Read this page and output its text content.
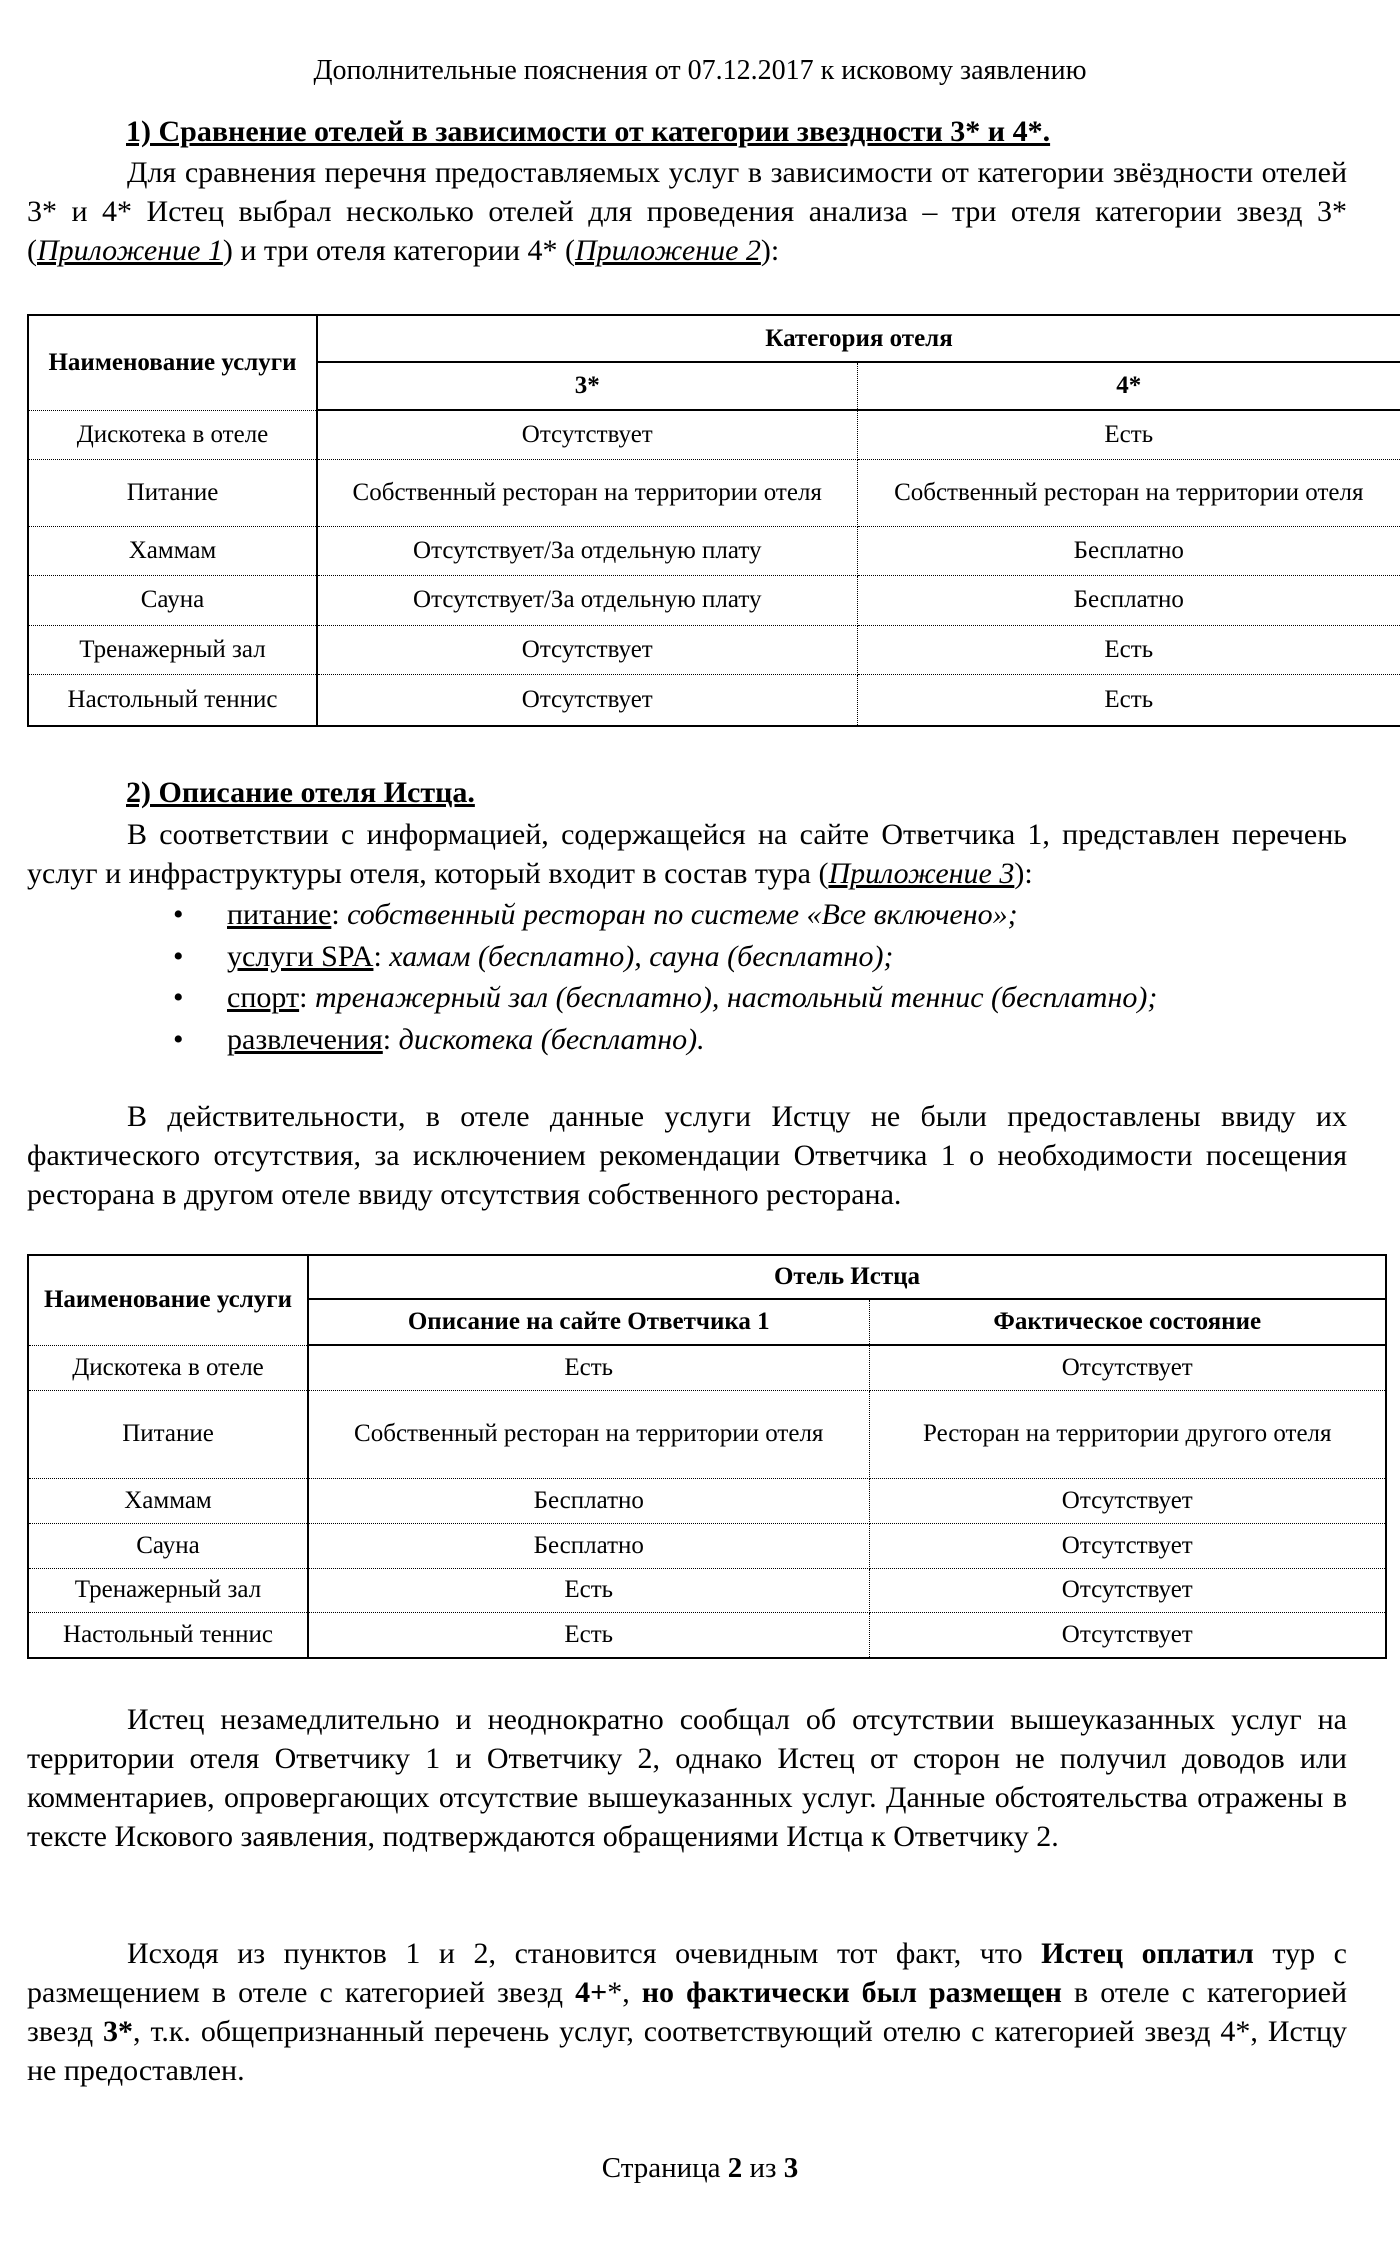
Дополнительные пояснения от 07.12.2017 к исковому заявлению
1) Сравнение отелей в зависимости от категории звездности 3* и 4*.

Для сравнения перечня предоставляемых услуг в зависимости от категории звёздности отелей 3* и 4* Истец выбрал несколько отелей для проведения анализа – три отеля категории звезд 3* (Приложение 1) и три отеля категории 4* (Приложение 2):

Наименование услуги	Категория отеля	
	3*	4*
Дискотека в отеле	Отсутствует	Есть
Питание	Собственный ресторан на территории отеля	Собственный ресторан на территории отеля
Хаммам	Отсутствует/За отдельную плату	Бесплатно
Сауна	Отсутствует/За отдельную плату	Бесплатно
Тренажерный зал	Отсутствует	Есть
Настольный теннис	Отсутствует	Есть
2) Описание отеля Истца.

В соответствии с информацией, содержащейся на сайте Ответчика 1, представлен перечень услуг и инфраструктуры отеля, который входит в состав тура (Приложение 3):

• питание: собственный ресторан по системе «Все включено»;
• услуги SPA: хамам (бесплатно), сауна (бесплатно);
• спорт: тренажерный зал (бесплатно), настольный теннис (бесплатно);
• развлечения: дискотека (бесплатно).

В действительности, в отеле данные услуги Истцу не были предоставлены ввиду их фактического отсутствия, за исключением рекомендации Ответчика 1 о необходимости посещения ресторана в другом отеле ввиду отсутствия собственного ресторана.

Наименование услуги	Отель Истца	
	Описание на сайте Ответчика 1	Фактическое состояние
Дискотека в отеле	Есть	Отсутствует
Питание	Собственный ресторан на территории отеля	Ресторан на территории другого отеля
Хаммам	Бесплатно	Отсутствует
Сауна	Бесплатно	Отсутствует
Тренажерный зал	Есть	Отсутствует
Настольный теннис	Есть	Отсутствует

Истец незамедлительно и неоднократно сообщал об отсутствии вышеуказанных услуг на территории отеля Ответчику 1 и Ответчику 2, однако Истец от сторон не получил доводов или комментариев, опровергающих отсутствие вышеуказанных услуг. Данные обстоятельства отражены в тексте Искового заявления, подтверждаются обращениями Истца к Ответчику 2.

Исходя из пунктов 1 и 2, становится очевидным тот факт, что Истец оплатил тур с размещением в отеле с категорией звезд 4+*, но фактически был размещен в отеле с категорией звезд 3*, т.к. общепризнанный перечень услуг, соответствующий отелю с категорией звезд 4*, Истцу не предоставлен.

Страница 2 из 3
